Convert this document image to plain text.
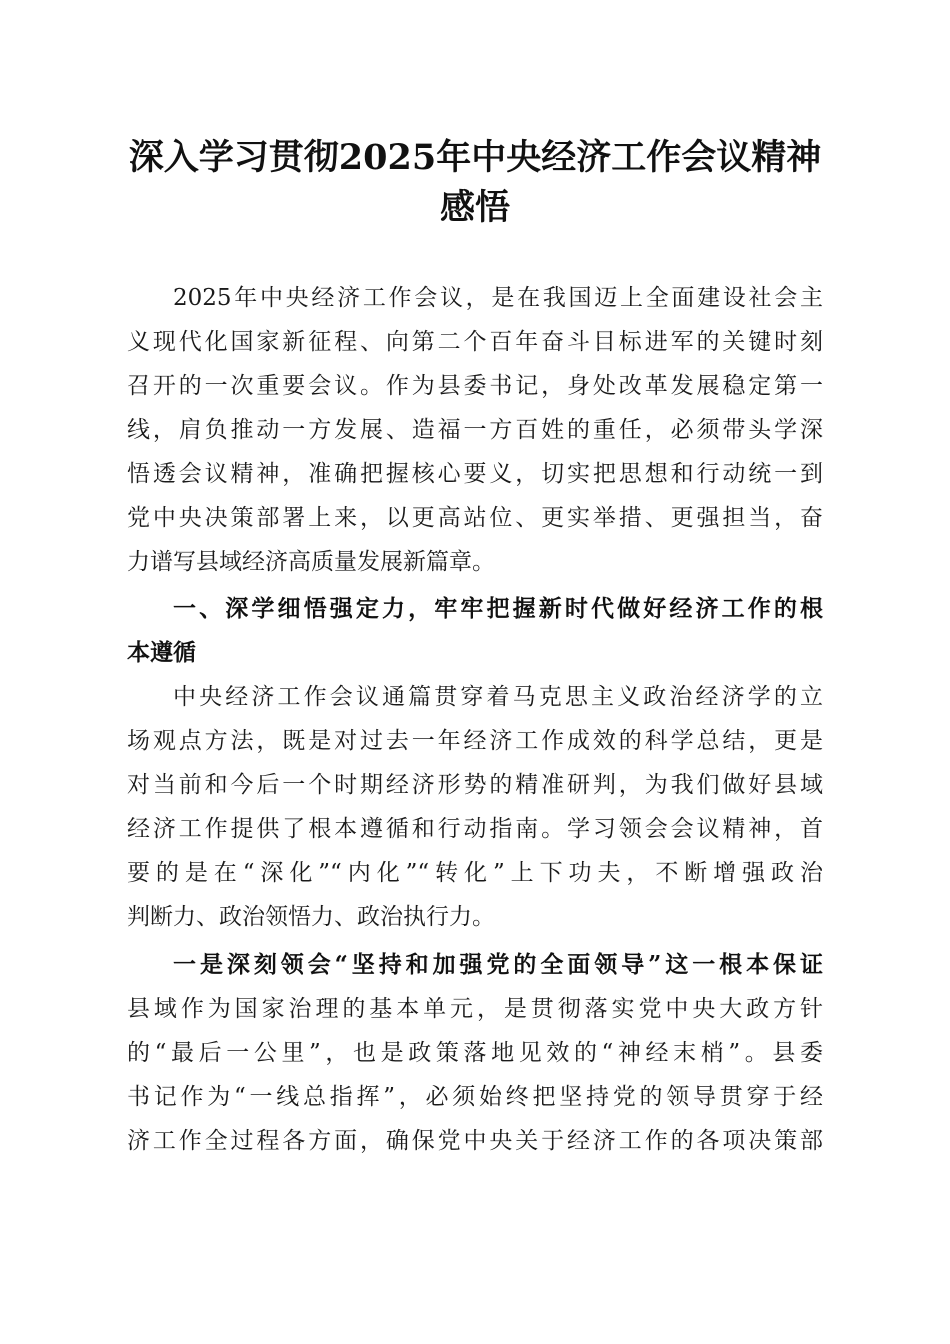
深入学习贯彻2025年中央经济工作会议精神
感悟
2025年中央经济工作会议，是在我国迈上全面建设社会主
义现代化国家新征程、向第二个百年奋斗目标进军的关键时刻
召开的一次重要会议。作为县委书记，身处改革发展稳定第一
线，肩负推动一方发展、造福一方百姓的重任，必须带头学深
悟透会议精神，准确把握核心要义，切实把思想和行动统一到
党中央决策部署上来，以更高站位、更实举措、更强担当，奋
力谱写县域经济高质量发展新篇章。
一、深学细悟强定力，牢牢把握新时代做好经济工作的根
本遵循
中央经济工作会议通篇贯穿着马克思主义政治经济学的立
场观点方法，既是对过去一年经济工作成效的科学总结，更是
对当前和今后一个时期经济形势的精准研判，为我们做好县域
经济工作提供了根本遵循和行动指南。学习领会会议精神，首
要的是在“深化”“内化”“转化”上下功夫，不断增强政治
判断力、政治领悟力、政治执行力。
一是深刻领会“坚持和加强党的全面领导”这一根本保证
县域作为国家治理的基本单元，是贯彻落实党中央大政方针
的“最后一公里”，也是政策落地见效的“神经末梢”。县委
书记作为“一线总指挥”，必须始终把坚持党的领导贯穿于经
济工作全过程各方面，确保党中央关于经济工作的各项决策部
